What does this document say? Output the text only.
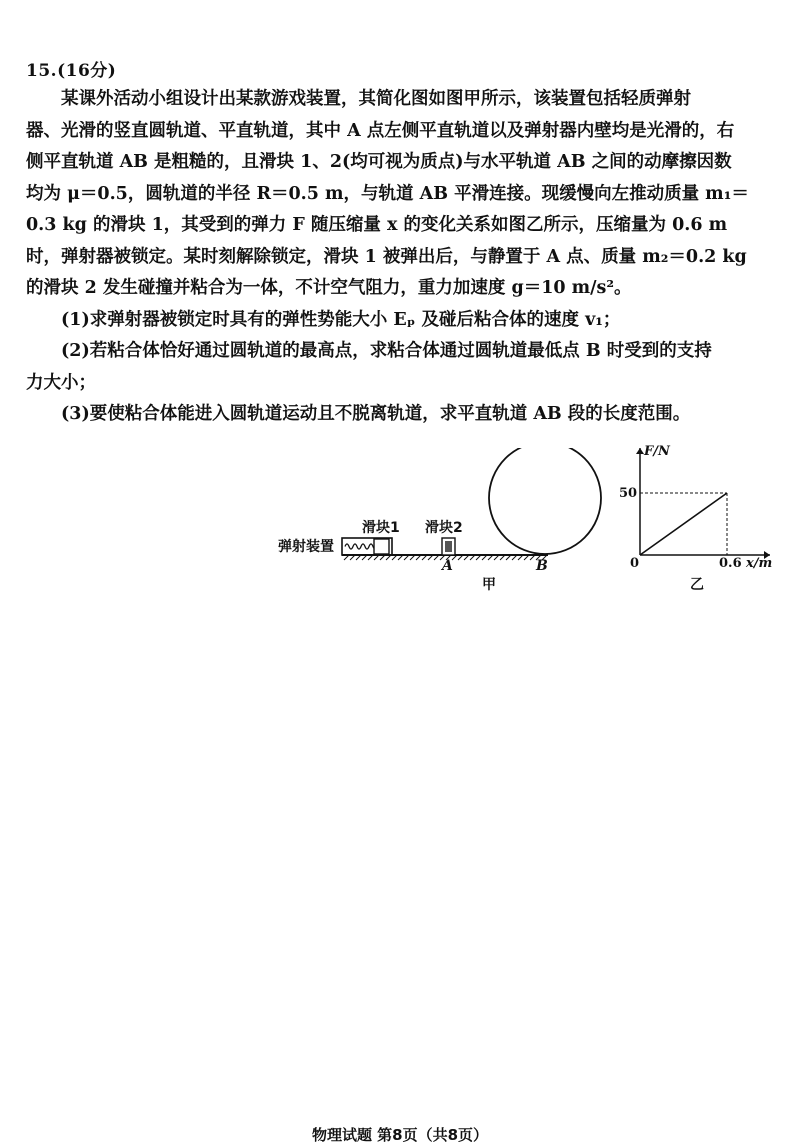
15.(16分)

某课外活动小组设计出某款游戏装置，其简化图如图甲所示，该装置包括轻质弹射

器、光滑的竖直圆轨道、平直轨道，其中 A 点左侧平直轨道以及弹射器内壁均是光滑的，右

侧平直轨道 AB 是粗糙的，且滑块 1、2(均可视为质点)与水平轨道 AB 之间的动摩擦因数

均为 μ＝0.5，圆轨道的半径 R＝0.5 m，与轨道 AB 平滑连接。现缓慢向左推动质量 m₁＝

0.3 kg 的滑块 1，其受到的弹力 F 随压缩量 x 的变化关系如图乙所示，压缩量为 0.6 m

时，弹射器被锁定。某时刻解除锁定，滑块 1 被弹出后，与静置于 A 点、质量 m₂＝0.2 kg

的滑块 2 发生碰撞并粘合为一体，不计空气阻力，重力加速度 g＝10 m/s²。

(1)求弹射器被锁定时具有的弹性势能大小 Eₚ 及碰后粘合体的速度 v₁；

(2)若粘合体恰好通过圆轨道的最高点，求粘合体通过圆轨道最低点 B 时受到的支持

力大小；

(3)要使粘合体能进入圆轨道运动且不脱离轨道，求平直轨道 AB 段的长度范围。

弹射装置
滑块1 滑块2
A	B
甲
F/N
50
0	0.6 x/m
乙
物理试题 第8页（共8页）
